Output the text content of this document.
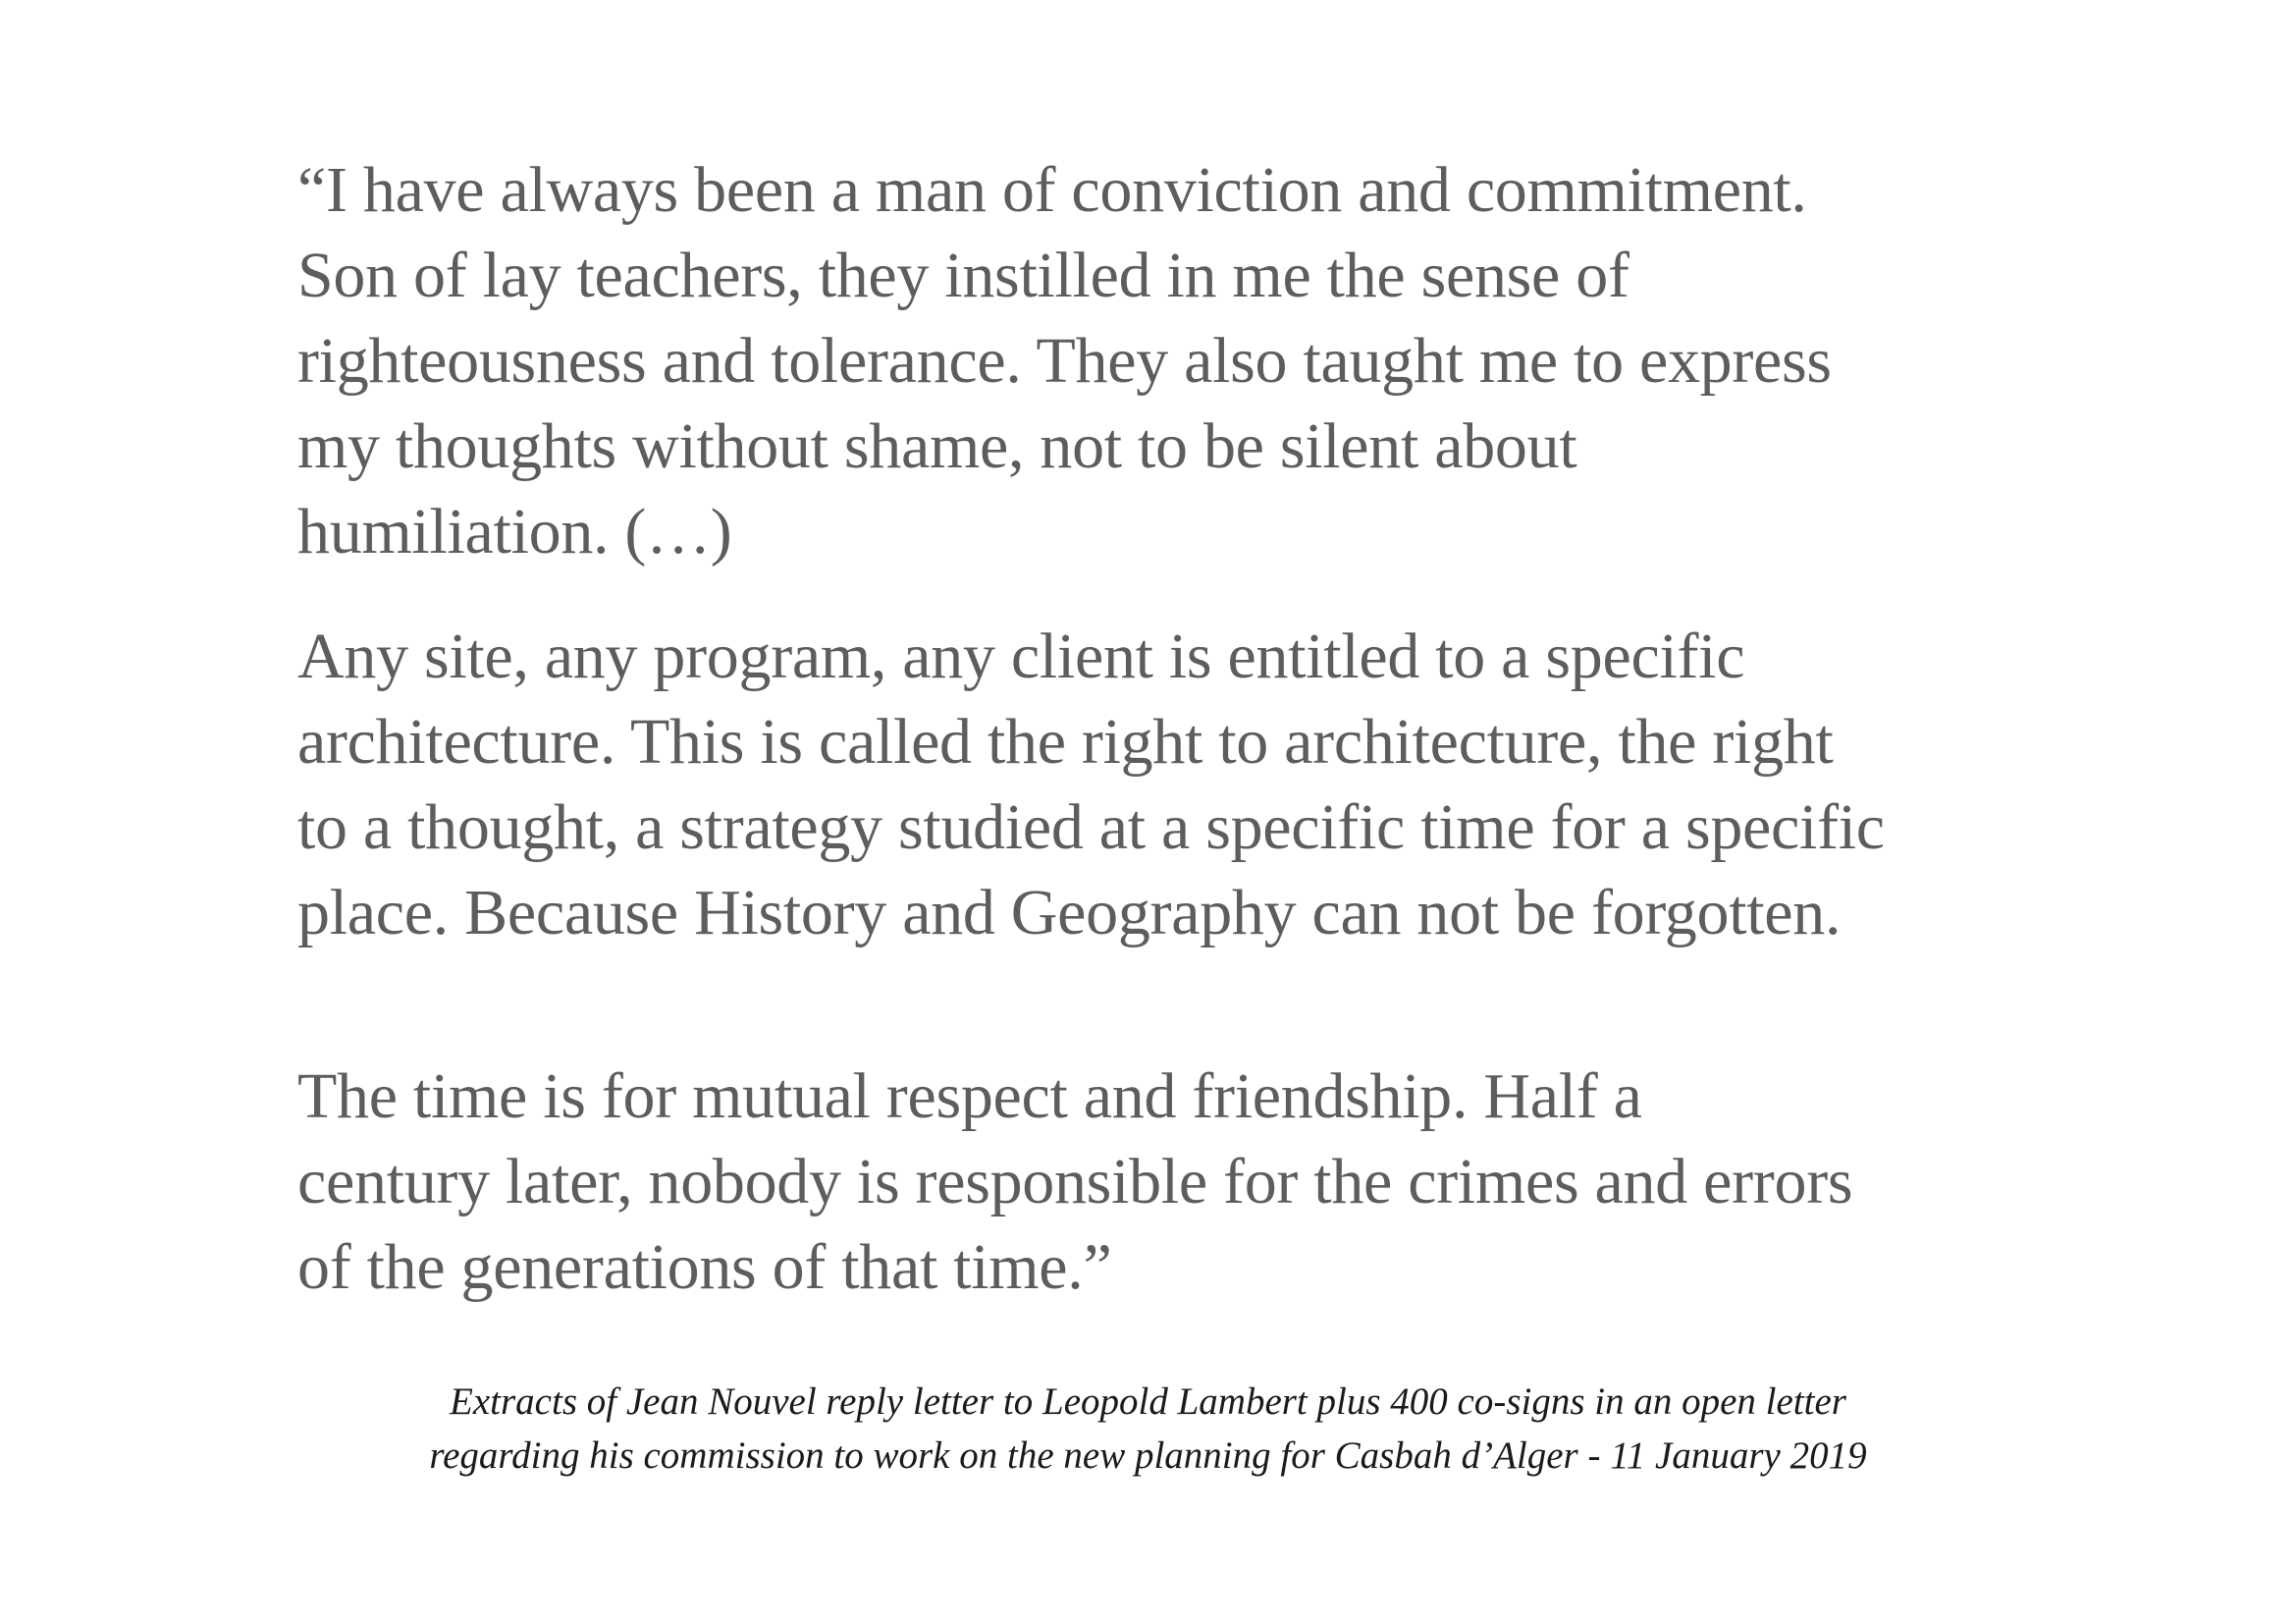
“I have always been a man of conviction and commitment.
Son of lay teachers, they instilled in me the sense of
righteousness and tolerance. They also taught me to express
my thoughts without shame, not to be silent about
humiliation. (…)

Any site, any program, any client is entitled to a specific
architecture. This is called the right to architecture, the right
to a thought, a strategy studied at a specific time for a specific
place. Because History and Geography can not be forgotten.

The time is for mutual respect and friendship. Half a
century later, nobody is responsible for the crimes and errors
of the generations of that time.”

Extracts of Jean Nouvel reply letter to Leopold Lambert plus 400 co-signs in an open letter
regarding his commission to work on the new planning for Casbah d’Alger - 11 January 2019
